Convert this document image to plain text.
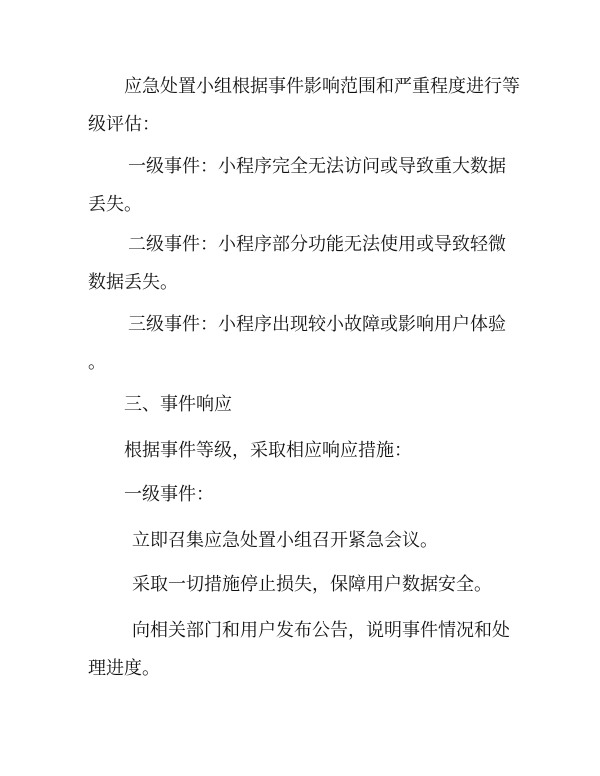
应急处置小组根据事件影响范围和严重程度进行等
级评估：

一级事件：小程序完全无法访问或导致重大数据
丢失。

二级事件：小程序部分功能无法使用或导致轻微
数据丢失。

三级事件：小程序出现较小故障或影响用户体验
。

三、事件响应

根据事件等级，采取相应响应措施：

一级事件：

立即召集应急处置小组召开紧急会议。

采取一切措施停止损失，保障用户数据安全。

向相关部门和用户发布公告，说明事件情况和处
理进度。
